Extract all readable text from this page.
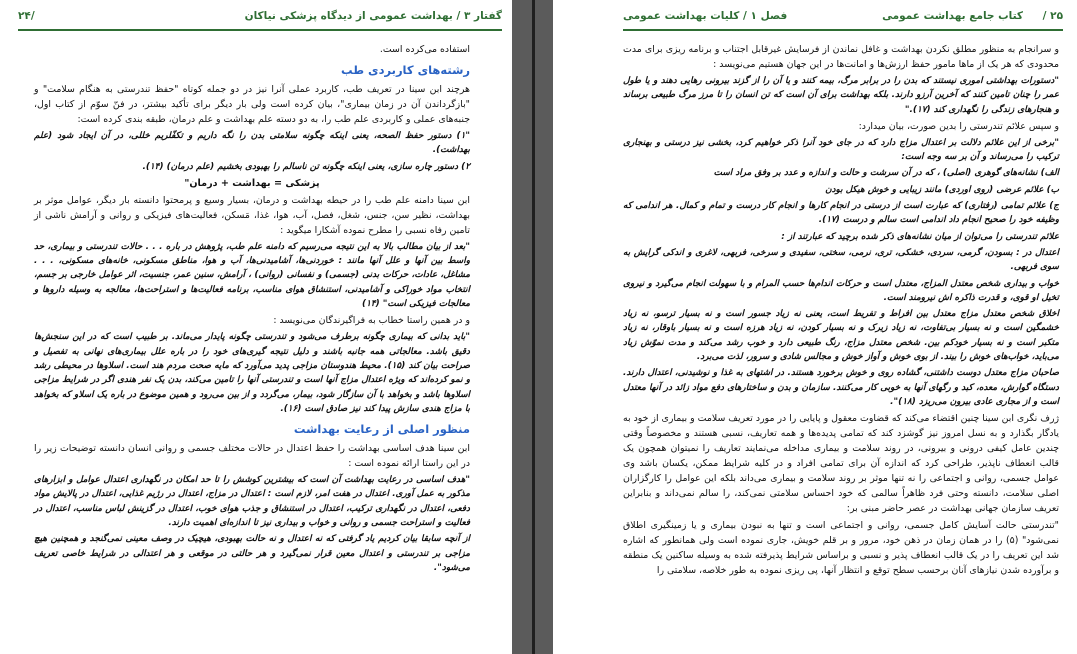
/۲۴	گفتار ۳ / بهداشت عمومی از دیدگاه پزشکی نیاکان

استفاده می‌کرده است.

رشته‌های کاربردی طب

هرچند ابن سینا در تعریف طب، کاربرد عملی آنرا نیز در دو جمله کوتاه "حفظ تندرستی به هنگام سلامت" و "بازگرداندن آن در زمان بیماری"، بیان کرده است ولی بار دیگر برای تأکید بیشتر، در فنّ سوّم از کتاب اول، جنبه‌های عملی و کاربردی علم طب را، به دو دسته علم بهداشت و علم درمان، طبقه بندی کرده است:

"۱) دستور حفظ الصحه، یعنی اینکه چگونه سلامتی بدن را نگه داریم و تکفّلریم خللی، در آن ایجاد شود (علم بهداشت).

۲) دستور چاره سازی، یعنی اینکه چگونه تن ناسالم را بهبودی بخشیم (علم درمان) (۱۴).

پزشکی = بهداشت + درمان"

ابن سینا دامنه علم طب را در حیطه بهداشت و درمان، بسیار وسیع و پرمحتوا دانسته بار دیگر، عوامل موثر بر بهداشت، نظیر سن، جنس، شغل، فصل، آب، هوا، غذا، مَسکن، فعالیت‌های فیزیکی و روانی و آرامش ناشی از تامین رفاه نسبی را مطرح نموده آشکارا میگوید :

"بعد از بیان مطالب بالا به این نتیجه می‌رسیم که دامنه علم طب، پژوهش در باره . . . حالات تندرستی و بیماری، حد واسط بین آنها و علل آنها مانند : خوردنی‌ها، آشامیدنی‌ها، آب و هوا، مناطق مسکونی، خانه‌های مسکونی، . . . مشاغل، عادات، حرکات بدنی (جسمی) و نفسانی (روانی) ، آرامش، سنین عمر، جنسیت، اثر عوامل خارجی بر جسم، انتخاب مواد خوراکی و آشامیدنی، استنشاق هوای مناسب، برنامه فعالیت‌ها و استراحت‌ها، معالجه به وسیله داروها و معالجات فیزیکی است" (۱۴)

و در همین راستا خطاب به فراگیرندگان می‌نویسد :

"باید بدانی که بیماری چگونه برطرف می‌شود و تندرستی چگونه پایدار می‌ماند. بر طبیب است که در این سنجش‌ها دقیق باشد. معالجاتی همه جانبه باشند و دلیل نتیجه گیری‌های خود را در باره علل بیماری‌های نهانی به تفصیل و صراحت بیان کند (۱۵). محیط هندوستان مزاجی پدید می‌آورد که مایه صحت مردم هند است. اسلاوها در محیطی رشد و نمو کرده‌اند که ویژه اعتدال مزاج آنها است و تندرستی آنها را تامین می‌کند، بدن یک نفر هندی اگر در شرایط مزاجی اسلاوها باشد و بخواهد با آن سازگار شود، بیمار، می‌گردد و از بین می‌رود و همین موضوع در باره یک اسلاو که بخواهد با مزاج هندی سازش پیدا کند نیز صادق است (۱۶).

منظور اصلی از رعایت بهداشت

ابن سینا هدف اساسی بهداشت را حفظ اعتدال در حالات مختلف جسمی و روانی انسان دانسته توضیحات زیر را در این راستا ارائه نموده است :

"هدف اساسی در رعایت بهداشت آن است که بیشترین کوشش را تا حد امکان در نگهداری اعتدال عوامل و ابزارهای مذکور به عمل آوری. اعتدال در هفت امر، لازم است : اعتدال در مزاج، اعتدال در رژیم غذایی، اعتدال در پالایش مواد دفعی، اعتدال در نگهداری ترکیب، اعتدال در استنشاق و جذب هوای خوب، اعتدال در گزینش لباس مناسب، اعتدال در فعالیت و استراحت جسمی و روانی و خواب و بیداری نیز تا اندازه‌ای اهمیت دارند.

از آنچه سابقا بیان کردیم یاد گرفتی که نه اعتدال و نه حالت بهبودی، هیچیک در وصف معینی نمی‌گنجد و همچنین هیچ مزاجی بر تندرستی و اعتدال معین قرار نمی‌گیرد و هر حالتی در موقعی و هر اعتدالی در شرایط خاصی تعریف می‌شود".

فصل ۱ / کلیات بهداشت عمومی	کتاب جامع بهداشت عمومی ۲۵ /

و سرانجام به منظور مطلق نکردن بهداشت و غافل نماندن از فرسایش غیرقابل اجتناب و برنامه ریزی برای مدت محدودی که هر یک از ماها مامور حفظ ارزش‌ها و امانت‌ها در این جهان هستیم می‌نویسد :

"دستورات بهداشتی اموری نیستند که بدن را در برابر مرگ، بیمه کنند و یا آن را از گزند بیرونی رهایی دهند و یا طول عمر را چنان تامین کنند که آخرین آرزو دارند. بلکه بهداشت برای آن است که تن انسان را تا مرز مرگ طبیعی برساند و هنجارهای زندگی را نگهداری کند (۱۷)."

و سپس علائم تندرستی را بدین صورت، بیان میدارد:

"برخی از این علائم دلالت بر اعتدال مزاج دارد که در جای خود آنرا ذکر خواهیم کرد، بخشی نیز درستی و بهنجاری ترکیب را می‌رساند و آن بر سه وجه است:

الف) نشانه‌های گوهری (اصلی) ، که در آن سرشت و حالت و اندازه و عدد بر وفق مراد است

ب) علائم عرضی (روی اوردی) مانند زیبایی و خوش هیکل بودن

ج) علائم تمامی (رفتاری) که عبارت است از درستی در انجام کارها و انجام کار درست و تمام و کمال. هر اندامی که وظیفه خود را صحیح انجام داد اندامی است سالم و درست (۱۷).

علائم تندرستی را می‌توان از میان نشانه‌های ذکر شده برچید که عبارتند از :

اعتدال در : بسودن، گرمی، سردی، خشکی، تری، نرمی، سختی، سفیدی و سرخی، فربهی، لاغری و اندکی گرایش به سوی فربهی.

خواب و بیداری شخص معتدل المزاج، معتدل است و حرکات اندام‌ها حسب المرام و با سهولت انجام می‌گیرد و نیروی تخیل او قوی، و قدرت ذاکره اش نیرومند است.

اخلاق شخص معتدل مزاج معتدل بین افراط و تفریط است، یعنی نه زیاد جسور است و نه بسیار ترسو، نه زیاد خشمگین است و نه بسیار بی‌تفاوت، نه زیاد زیرک و نه بسیار کودن، نه زیاد هرزه است و نه بسیار باوقار، نه زیاد متکبر است و نه بسیار خودکم بین. شخص معتدل مزاج، رنگ طبیعی دارد و خوب رشد می‌کند و مدت نموّش زیاد می‌باید، خواب‌های خوش را بیند. از بوی خوش و آواز خوش و مجالس شادی و سرور، لذت می‌برد.

صاحبان مزاج معتدل دوست داشتنی، گشاده روی و خوش برخورد هستند. در اشتهای به غذا و نوشیدنی، اعتدال دارند. دستگاه گوارش، معده، کبد و رگهای آنها به خوبی کار می‌کنند. سازمان و بدن و ساختارهای دفع مواد زائد در آنها معتدل است و از مجاری عادی بیرون می‌ریزد (۱۸)".

ژرف نگری ابن سینا چنین اقتضاء می‌کند که قضاوت معقول و پایایی را در مورد تعریف سلامت و بیماری از خود به یادگار بگذارد و به نسل امروز نیز گوشزد کند که تمامی پدیده‌ها و همه تعاریف، نسبی هستند و مخصوصاً وقتی چندین عامل کیفی درونی و بیرونی، در روند سلامت و بیماری مداخله می‌نمایند تعاریف را نمیتوان همچون یک قالب انعطاف ناپذیر، طراحی کرد که اندازه آن برای تمامی افراد و در کلیه شرایط ممکن، یکسان باشد وی عوامل جسمی، روانی و اجتماعی را نه تنها موثر بر روند سلامت و بیماری می‌داند بلکه این عوامل را کارگزاران اصلی سلامت، دانسته وحتی فرد ظاهراً سالمی که خود احساس سلامتی نمی‌کند، را سالم نمی‌داند و بنابراین تعریف سازمان جهانی بهداشت در عصر حاضر مبنی بر:

"تندرستی حالت آسایش کامل جسمی، روانی و اجتماعی است و تنها به نبودن بیماری و یا زمینگیری اطلاق نمی‌شود" (۵) را در همان زمان در ذهن خود، مرور و بر قلم خویش، جاری نموده است ولی همانطور که اشاره شد این تعریف را در یک قالب انعطاف پذیر و نسبی و براساس شرایط پذیرفته شده به وسیله ساکنین یک منطقه و برآورده شدن نیازهای آنان برحسب سطح توقع و انتظار آنها، پی ریزی نموده به طور خلاصه، سلامتی را
